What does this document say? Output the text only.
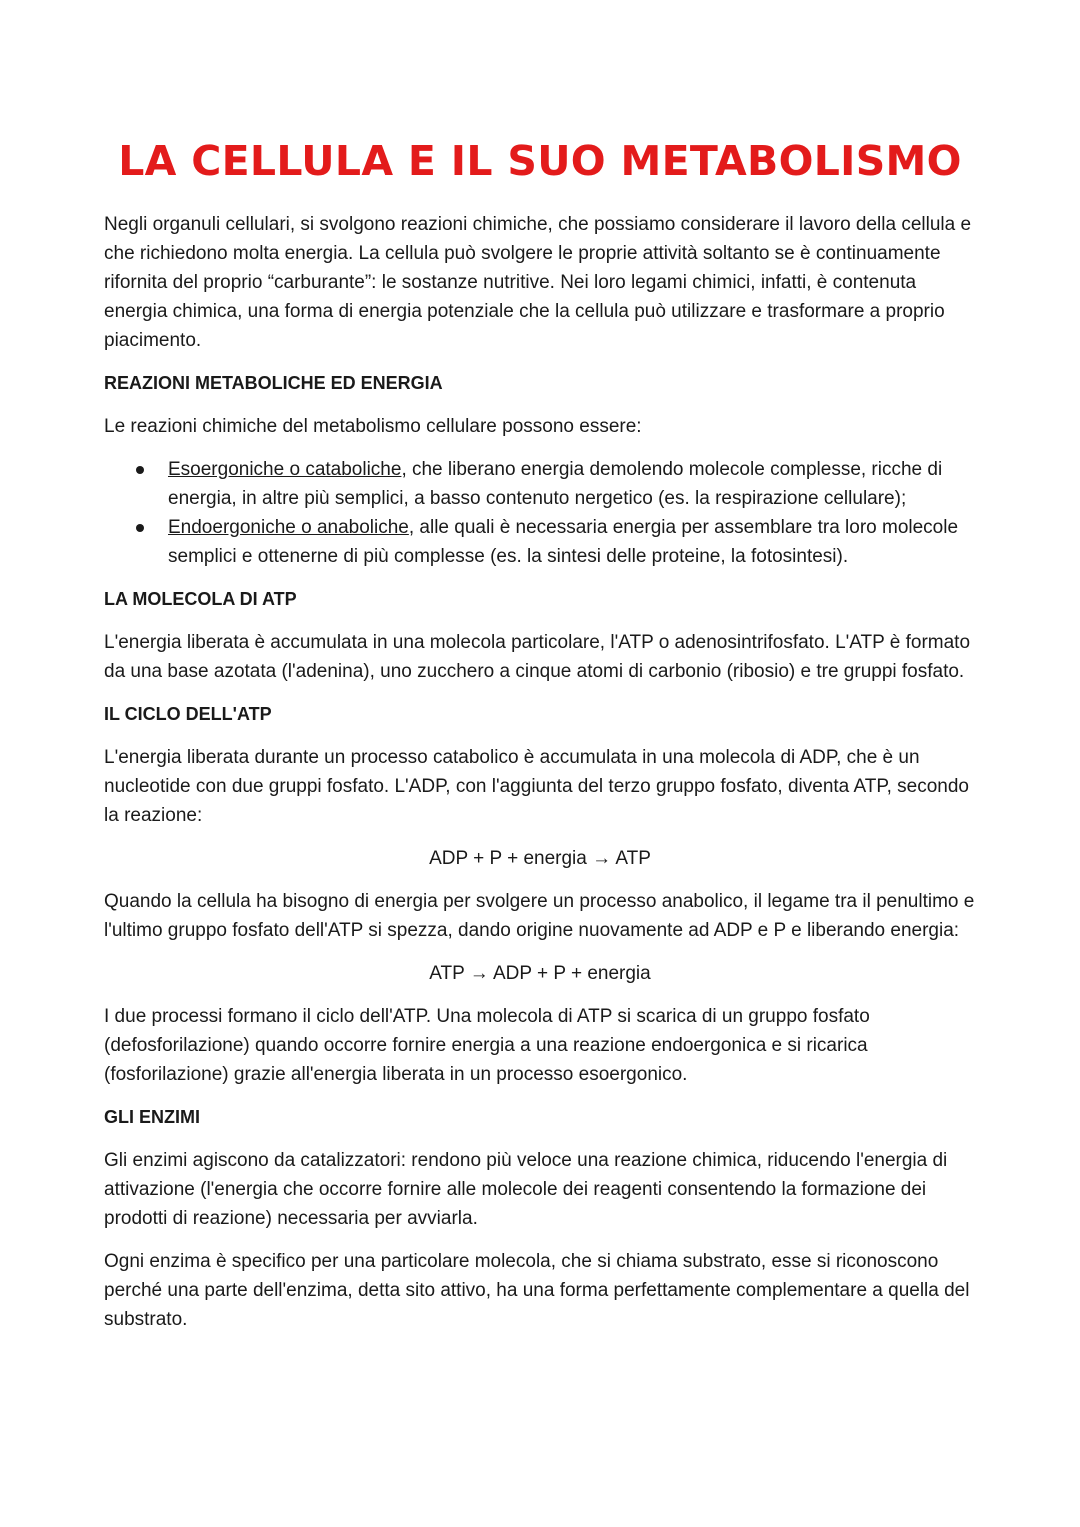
LA CELLULA E IL SUO METABOLISMO

Negli organuli cellulari, si svolgono reazioni chimiche, che possiamo considerare il lavoro della cellula e che richiedono molta energia. La cellula può svolgere le proprie attività soltanto se è continuamente rifornita del proprio “carburante”: le sostanze nutritive. Nei loro legami chimici, infatti, è contenuta energia chimica, una forma di energia potenziale che la cellula può utilizzare e trasformare a proprio piacimento.

REAZIONI METABOLICHE ED ENERGIA

Le reazioni chimiche del metabolismo cellulare possono essere:

Esoergoniche o cataboliche, che liberano energia demolendo molecole complesse, ricche di energia, in altre più semplici, a basso contenuto nergetico (es. la respirazione cellulare);
Endoergoniche o anaboliche, alle quali è necessaria energia per assemblare tra loro molecole semplici e ottenerne di più complesse (es. la sintesi delle proteine, la fotosintesi).

LA MOLECOLA DI ATP

L'energia liberata è accumulata in una molecola particolare, l'ATP o adenosintrifosfato. L'ATP è formato da una base azotata (l'adenina), uno zucchero a cinque atomi di carbonio (ribosio) e tre gruppi fosfato.

IL CICLO DELL'ATP

L'energia liberata durante un processo catabolico è accumulata in una molecola di ADP, che è un nucleotide con due gruppi fosfato. L'ADP, con l'aggiunta del terzo gruppo fosfato, diventa ATP, secondo la reazione:

ADP + P + energia → ATP

Quando la cellula ha bisogno di energia per svolgere un processo anabolico, il legame tra il penultimo e l'ultimo gruppo fosfato dell'ATP si spezza, dando origine nuovamente ad ADP e P e liberando energia:

ATP → ADP + P + energia

I due processi formano il ciclo dell'ATP. Una molecola di ATP si scarica di un gruppo fosfato (defosforilazione) quando occorre fornire energia a una reazione endoergonica e si ricarica (fosforilazione) grazie all'energia liberata in un processo esoergonico.

GLI ENZIMI

Gli enzimi agiscono da catalizzatori: rendono più veloce una reazione chimica, riducendo l'energia di attivazione (l'energia che occorre fornire alle molecole dei reagenti consentendo la formazione dei prodotti di reazione) necessaria per avviarla.

Ogni enzima è specifico per una particolare molecola, che si chiama substrato, esse si riconoscono perché una parte dell'enzima, detta sito attivo, ha una forma perfettamente complementare a quella del substrato.
